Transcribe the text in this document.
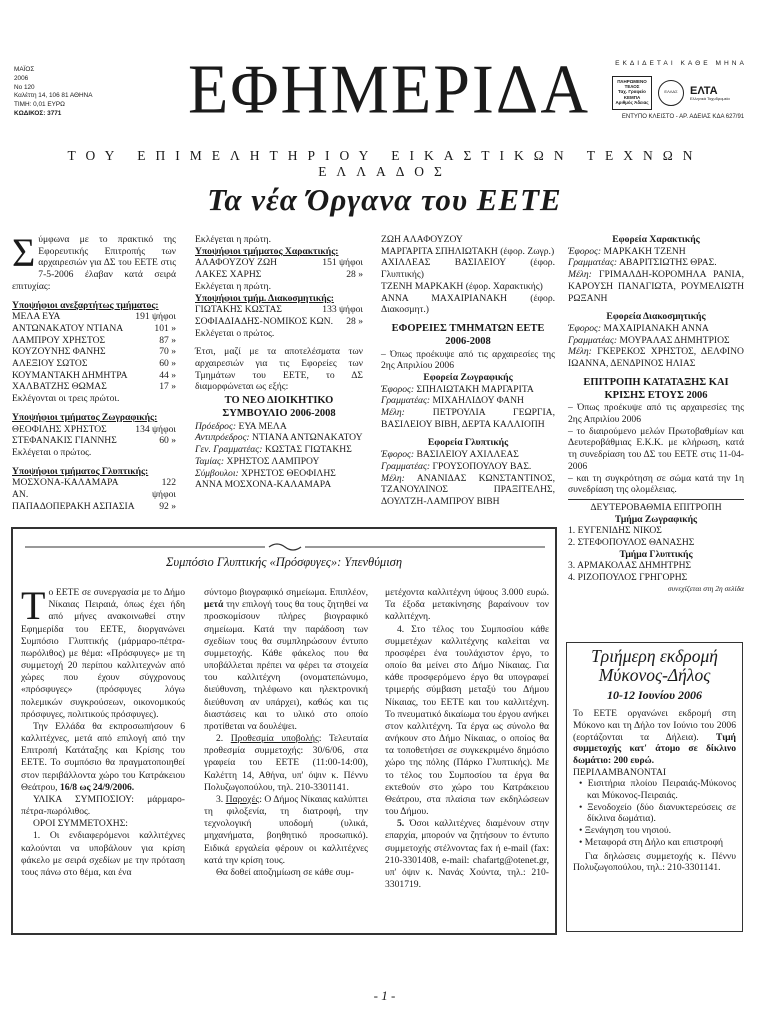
ΜΑΪΟΣ
2006
No 120
Καλέττη 14, 106 81 ΑΘΗΝΑ
ΤΙΜΗ: 0,01 ΕΥΡΩ
ΚΩΔΙΚΟΣ: 3771	ΕΦΗΜΕΡΙΔΑ	ΕΚΔΙΔΕΤΑΙ ΚΑΘΕ ΜΗΝΑ
ΠΛΗΡΩΜΕΝΟ
ΤΕΛΟΣ
Ταχ. Γραφείο
ΚΕΜΠΑ
Αριθμός Άδειας
ΕΛΛΑΣ	ΕΛΤΑ
Ελληνικά Ταχυδρομεία
ΕΝΤΥΠΟ ΚΛΕΙΣΤΟ - ΑΡ. ΑΔΕΙΑΣ ΚΔΑ 627/91
ΤΟΥ ΕΠΙΜΕΛΗΤΗΡΙΟΥ ΕΙΚΑΣΤΙΚΩΝ ΤΕΧΝΩΝ ΕΛΛΑΔΟΣ
Τα νέα Όργανα του ΕΕΤΕ

Σύμφωνα με το πρακτικό της Εφορευτικής Επιτροπής των αρχαιρεσιών για ΔΣ του ΕΕΤΕ στις 7-5-2006 έλαβαν κατά σειρά επιτυχίας:

Υποψήφιοι ανεξαρτήτως τμήματος:

ΜΕΛΑ ΕΥΑ	191 ψήφοι
ΑΝΤΩΝΑΚΑΤΟΥ ΝΤΙΑΝΑ	101 »
ΛΑΜΠΡΟΥ ΧΡΗΣΤΟΣ	87 »
ΚΟΥΖΟΥΝΗΣ ΦΑΝΗΣ	70 »
ΑΛΕΞΙΟΥ ΣΩΤΟΣ	60 »
ΚΟΥΜΑΝΤΑΚΗ ΔΗΜΗΤΡΑ	44 »
ΧΑΛΒΑΤΖΗΣ ΘΩΜΑΣ	17 »

Εκλέγονται οι τρεις πρώτοι.

Υποψήφιοι τμήματος Ζωγραφικής:

ΘΕΟΦΙΛΗΣ ΧΡΗΣΤΟΣ	134 ψήφοι
ΣΤΕΦΑΝΑΚΙΣ ΓΙΑΝΝΗΣ	60 »

Εκλέγεται ο πρώτος.

Υποψήφιοι τμήματος Γλυπτικής:

ΜΟΣΧΟΝΑ-ΚΑΛΑΜΑΡΑ ΑΝ.
122 ψήφοι
ΠΑΠΑΔΟΠΕΡΑΚΗ ΑΣΠΑΣΙΑ	92 »

Εκλέγεται η πρώτη.

Υποψήφιοι τμήματος Χαρακτικής:

ΑΛΑΦΟΥΖΟΥ ΖΩΗ	151 ψήφοι
ΛΑΚΕΣ ΧΑΡΗΣ	28 »

Εκλέγεται η πρώτη.

Υποψήφιοι τμήμ. Διακοσμητικής:

ΓΙΩΤΑΚΗΣ ΚΩΣΤΑΣ	133 ψήφοι
ΣΟΦΙΑΔΙΑΔΗΣ-ΝΟΜΙΚΟΣ ΚΩΝ. 28 »

Εκλέγεται ο πρώτος.

Έτσι, μαζί με τα αποτελέσματα των αρχαιρεσιών για τις Εφορείες των Τμημάτων του ΕΕΤΕ, το ΔΣ διαμορφώνεται ως εξής:

ΤΟ ΝΕΟ ΔΙΟΙΚΗΤΙΚΟ ΣΥΜΒΟΥΛΙΟ 2006-2008

Πρόεδρος: ΕΥΑ ΜΕΛΑ
Αντιπρόεδρος: ΝΤΙΑΝΑ ΑΝΤΩΝΑΚΑΤΟΥ
Γεν. Γραμματέας: ΚΩΣΤΑΣ ΓΙΩΤΑΚΗΣ
Ταμίας: ΧΡΗΣΤΟΣ ΛΑΜΠΡΟΥ
Σύμβουλοι: ΧΡΗΣΤΟΣ ΘΕΟΦΙΛΗΣ

ΑΝΝΑ ΜΟΣΧΟΝΑ-ΚΑΛΑΜΑΡΑ

ΖΩΗ ΑΛΑΦΟΥΖΟΥ
ΜΑΡΓΑΡΙΤΑ ΣΠΗΛΙΩΤΑΚΗ (έφορ. Ζωγρ.)
ΑΧΙΛΛΕΑΣ ΒΑΣΙΛΕΙΟΥ (έφορ. Γλυπτικής)
ΤΖΕΝΗ ΜΑΡΚΑΚΗ (έφορ. Χαρακτικής)
ΑΝΝΑ ΜΑΧΑΙΡΙΑΝΑΚΗ (έφορ. Διακοσμητ.)

ΕΦΟΡΕΙΕΣ ΤΜΗΜΑΤΩΝ ΕΕΤΕ 2006-2008

– Όπως προέκυψε από τις αρχαιρεσίες της 2ης Απριλίου 2006

Εφορεία Ζωγραφικής

Έφορος: ΣΠΗΛΙΩΤΑΚΗ ΜΑΡΓΑΡΙΤΑ
Γραμματέας: ΜΙΧΑΗΛΙΔΟΥ ΦΑΝΗ
Μέλη:	ΠΕΤΡΟΥΛΙΑ ΓΕΩΡΓΙΑ, ΒΑΣΙΛΕΙΟΥ ΒΙΒΗ, ΔΕΡΤΑ ΚΑΛΛΙΟΠΗ

Εφορεία Γλυπτικής

Έφορος: ΒΑΣΙΛΕΙΟΥ ΑΧΙΛΛΕΑΣ
Γραμματέας: ΓΡΟΥΣΟΠΟΥΛΟΥ ΒΑΣ.
Μέλη: ΑΝΑΝΙΔΑΣ ΚΩΝΣΤΑΝΤΙΝΟΣ, ΤΖΑΝΟΥΛΙΝΟΣ ΠΡΑΞΙΤΕΛΗΣ, ΔΟΥΛΤΖΗ-ΛΑΜΠΡΟΥ ΒΙΒΗ

Εφορεία Χαρακτικής

Έφορος: ΜΑΡΚΑΚΗ ΤΖΕΝΗ
Γραμματέας: ΑΒΑΡΙΤΣΙΩΤΗΣ ΘΡΑΣ.
Μέλη: ΓΡΙΜΑΛΔΗ-ΚΟΡΟΜΗΛΑ ΡΑΝΙΑ, ΚΑΡΟΥΣΗ ΠΑΝΑΓΙΩΤΑ, ΡΟΥΜΕΛΙΩΤΗ ΡΩΞΑΝΗ

Εφορεία Διακοσμητικής

Έφορος: ΜΑΧΑΙΡΙΑΝΑΚΗ ΑΝΝΑ
Γραμματέας: ΜΟΥΡΑΛΑΣ ΔΗΜΗΤΡΙΟΣ
Μέλη: ΓΚΕΡΕΚΟΣ ΧΡΗΣΤΟΣ, ΔΕΛΦΙΝΟ ΙΩΑΝΝΑ, ΔΕΝΔΡΙΝΟΣ ΗΛΙΑΣ

ΕΠΙΤΡΟΠΗ ΚΑΤΑΤΑΞΗΣ ΚΑΙ ΚΡΙΣΗΣ ΕΤΟΥΣ 2006

– Όπως προέκυψε από τις αρχαιρεσίες της 2ης Απριλίου 2006

– το διαιρούμενο μελών Πρωτοβαθμίων και Δευτεροβάθμιας Ε.Κ.Κ. με κλήρωση, κατά τη συνεδρίαση του ΔΣ του ΕΕΤΕ στις 11-04-2006

– και τη συγκρότηση σε σώμα κατά την 1η συνεδρίαση της ολομέλειας.

ΔΕΥΤΕΡΟΒΑΘΜΙΑ ΕΠΙΤΡΟΠΗ

Τμήμα Ζωγραφικής

1. ΕΥΓΕΝΙΔΗΣ ΝΙΚΟΣ

2. ΣΤΕΦΟΠΟΥΛΟΣ ΘΑΝΑΣΗΣ

Τμήμα Γλυπτικής

3. ΑΡΜΑΚΟΛΑΣ ΔΗΜΗΤΡΗΣ

4. ΡΙΖΟΠΟΥΛΟΣ ΓΡΗΓΟΡΗΣ

συνεχίζεται στη 2η σελίδα

Συμπόσιο Γλυπτικής «Πρόσφυγες»: Υπενθύμιση

Το ΕΕΤΕ σε συνεργασία με το Δήμο Νίκαιας Πειραιά, όπως έχει ήδη από μήνες ανακοινωθεί στην Εφημερίδα του ΕΕΤΕ, διοργανώνει Συμπόσιο Γλυπτικής (μάρμαρο-πέτρα-πωρόλιθος) με θέμα: «Πρόσφυγες» με τη συμμετοχή 20 περίπου καλλιτεχνών από χώρες που έχουν σύγχρονους «πρόσφυγες» (πρόσφυγες λόγω πολεμικών συγκρούσεων, οικονομικούς πρόσφυγες, πολιτικούς πρόσφυγες).

Την Ελλάδα θα εκπροσωπήσουν 6 καλλιτέχνες, μετά από επιλογή από την Επιτροπή Κατάταξης και Κρίσης του ΕΕΤΕ. Το συμπόσιο θα πραγματοποιηθεί στον περιβάλλοντα χώρο του Κατράκειου Θεάτρου, 16/8 ως 24/9/2006.

ΥΛΙΚΑ ΣΥΜΠΟΣΙΟΥ: μάρμαρο-πέτρα-πωρόλιθος.

ΟΡΟΙ ΣΥΜΜΕΤΟΧΗΣ:

1. Οι ενδιαφερόμενοι καλλιτέχνες καλούνται να υποβάλουν για κρίση φάκελο με σειρά σχεδίων με την πρόταση τους πάνω στο θέμα, και ένα

σύντομο βιογραφικό σημείωμα. Επιπλέον, μετά την επιλογή τους θα τους ζητηθεί να προσκομίσουν πλήρες βιογραφικό σημείωμα. Κατά την παράδοση των σχεδίων τους θα συμπληρώσουν έντυπο συμμετοχής. Κάθε φάκελος που θα υποβάλλεται πρέπει να φέρει τα στοιχεία του καλλιτέχνη (ονοματεπώνυμο, διεύθυνση, τηλέφωνο και ηλεκτρονική διεύθυνση αν υπάρχει), καθώς και τις διαστάσεις και το υλικό στο οποίο προτίθεται να δουλέψει.

2. Προθεσμία υποβολής: Τελευταία προθεσμία συμμετοχής: 30/6/06, στα γραφεία του ΕΕΤΕ (11:00-14:00), Καλέττη 14, Αθήνα, υπ' όψιν κ. Πέννυ Πολυζωγοπούλου, τηλ. 210-3301141.

3. Παροχές: Ο Δήμος Νίκαιας καλύπτει τη φιλοξενία, τη διατροφή, την τεχνολογική υποδομή (υλικά, μηχανήματα, βοηθητικό προσωπικό). Ειδικά εργαλεία φέρουν οι καλλιτέχνες κατά την κρίση τους.

Θα δοθεί αποζημίωση σε κάθε συμ-

μετέχοντα καλλιτέχνη ύψους 3.000 ευρώ. Τα έξοδα μετακίνησης βαραίνουν τον καλλιτέχνη.

4. Στο τέλος του Συμποσίου κάθε συμμετέχων καλλιτέχνης καλείται να προσφέρει ένα τουλάχιστον έργο, το οποίο θα μείνει στο Δήμο Νίκαιας. Για κάθε προσφερόμενο έργο θα υπογραφεί τριμερής σύμβαση μεταξύ του Δήμου Νίκαιας, του ΕΕΤΕ και του καλλιτέχνη. Το πνευματικό δικαίωμα του έργου ανήκει στον καλλιτέχνη. Τα έργα ως σύνολο θα ανήκουν στο Δήμο Νίκαιας, ο οποίος θα τα τοποθετήσει σε συγκεκριμένο δημόσιο χώρο της πόλης (Πάρκο Γλυπτικής). Με το τέλος του Συμποσίου τα έργα θα εκτεθούν στο χώρο του Κατράκειου Θεάτρου, στα πλαίσια των εκδηλώσεων του Δήμου.

5. Όσοι καλλιτέχνες διαμένουν στην επαρχία, μπορούν να ζητήσουν το έντυπο συμμετοχής στέλνοντας fax ή e-mail (fax: 210-3301408, e-mail: chafartg@otenet.gr, υπ' όψιν κ. Νανάς Χούντα, τηλ.: 210-3301719.

Τριήμερη εκδρομή
Μύκονος-Δήλος
10-12 Ιουνίου 2006

Το ΕΕΤΕ οργανώνει εκδρομή στη Μύκονο και τη Δήλο τον Ιούνιο του 2006 (εορτάζονται τα Δήλεια). Τιμή συμμετοχής κατ' άτομο σε δίκλινο δωμάτιο: 200 ευρώ.

ΠΕΡΙΛΑΜΒΑΝΟΝΤΑΙ

• Εισιτήρια πλοίου Πειραιάς-Μύκονος και Μύκονος-Πειραιάς.

• Ξενοδοχείο (δύο διανυκτερεύσεις σε δίκλινα δωμάτια).

• Ξενάγηση του νησιού.

• Μεταφορά στη Δήλο και επιστροφή

Για δηλώσεις συμμετοχής κ. Πέννυ Πολυζωγοπούλου, τηλ.: 210-3301141.

- 1 -
